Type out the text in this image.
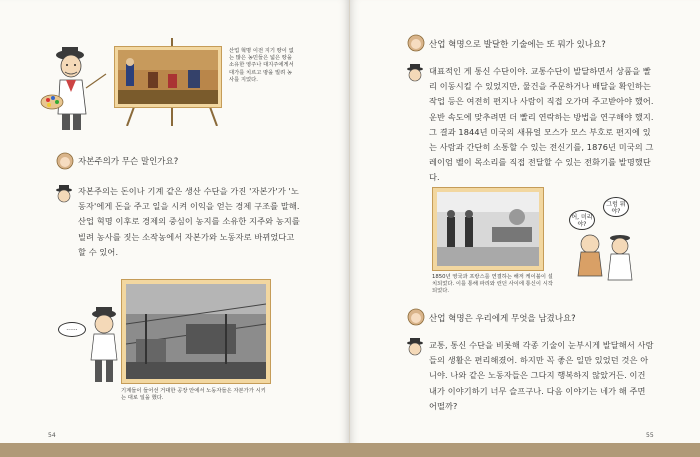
산업 혁명 이전 지기 땅이 없는 많은 농민들은 넓은 땅을 소유한 영주나 대지주에게서 대가를 치르고 땅을 빌려 농사를 지었다.
자본주의가 무슨 말인가요?
자본주의는 돈이나 기계 같은 생산 수단을 가진 '자본가'가 '노동자'에게 돈을 주고 일을 시켜 이익을 얻는 경제 구조를 말해. 산업 혁명 이후로 경제의 중심이 농지를 소유한 지주와 농지를 빌려 농사를 짓는 소작농에서 자본가와 노동자로 바뀌었다고 할 수 있어.
......
기계들이 들어선 거대한 공장 안에서 노동자들은 자본가가 시키는 대로 일을 했다.
54
산업 혁명으로 발달한 기술에는 또 뭐가 있나요?
대표적인 게 통신 수단이야. 교통수단이 발달하면서 상품을 빨리 이동시킬 수 있었지만, 물건을 주문하거나 배달을 확인하는 작업 등은 여전히 편지나 사람이 직접 오가며 주고받아야 했어. 운반 속도에 맞추려면 더 빨리 연락하는 방법을 연구해야 했지. 그 결과 1844년 미국의 새뮤얼 모스가 모스 부호로 편지에 있는 사람과 간단히 소통할 수 있는 전신기를, 1876년 미국의 그레이엄 벨이 목소리를 직접 전달할 수 있는 전화기를 발명했단다.
1850년 영국과 프랑스를 연결하는 해저 케이블이 설치되었다. 이를 통해 파리와 런던 사이에 통신이 시작되었다.
어, 미리야?
그럼 뭐야?
산업 혁명은 우리에게 무엇을 남겼나요?
교통, 통신 수단을 비롯해 각종 기술이 눈부시게 발달해서 사람들의 생활은 편리해졌어. 하지만 꼭 좋은 일만 있었던 것은 아니야. 나와 같은 노동자들은 그다지 행복하지 않았거든. 이건 내가 이야기하기 너무 슬프구나. 다음 이야기는 네가 해 주면 어떨까?
55
